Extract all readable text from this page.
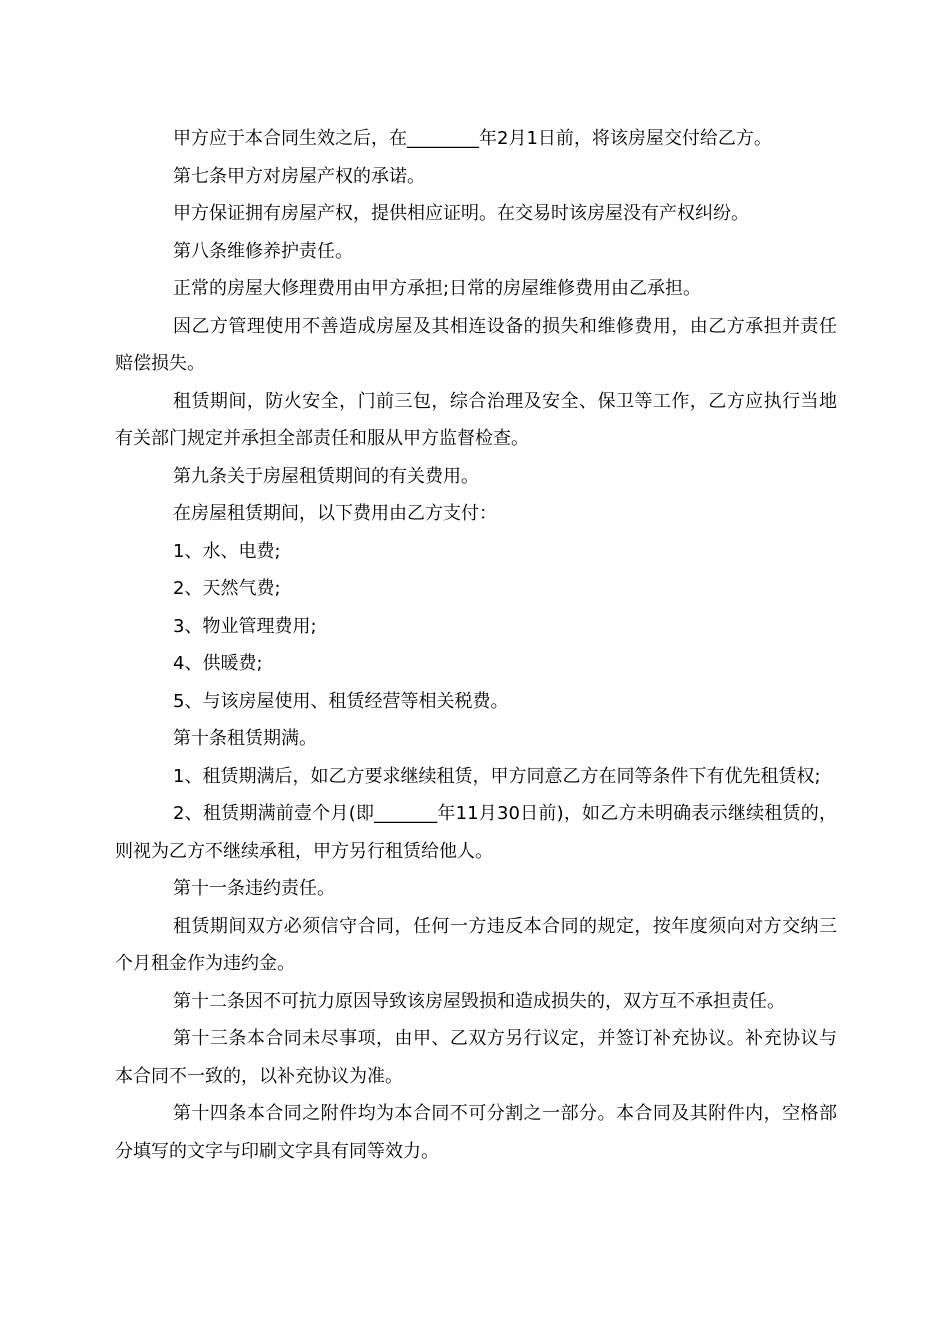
甲方应于本合同生效之后，在________年2月1日前，将该房屋交付给乙方。

第七条甲方对房屋产权的承诺。

甲方保证拥有房屋产权，提供相应证明。在交易时该房屋没有产权纠纷。

第八条维修养护责任。

正常的房屋大修理费用由甲方承担;日常的房屋维修费用由乙承担。

因乙方管理使用不善造成房屋及其相连设备的损失和维修费用，由乙方承担并责任赔偿损失。

租赁期间，防火安全，门前三包，综合治理及安全、保卫等工作，乙方应执行当地有关部门规定并承担全部责任和服从甲方监督检查。

第九条关于房屋租赁期间的有关费用。

在房屋租赁期间，以下费用由乙方支付：

1、水、电费;

2、天然气费;

3、物业管理费用;

4、供暖费;

5、与该房屋使用、租赁经营等相关税费。

第十条租赁期满。

1、租赁期满后，如乙方要求继续租赁，甲方同意乙方在同等条件下有优先租赁权;

2、租赁期满前壹个月(即_______年11月30日前)，如乙方未明确表示继续租赁的，则视为乙方不继续承租，甲方另行租赁给他人。

第十一条违约责任。

租赁期间双方必须信守合同，任何一方违反本合同的规定，按年度须向对方交纳三个月租金作为违约金。

第十二条因不可抗力原因导致该房屋毁损和造成损失的，双方互不承担责任。

第十三条本合同未尽事项，由甲、乙双方另行议定，并签订补充协议。补充协议与本合同不一致的，以补充协议为准。

第十四条本合同之附件均为本合同不可分割之一部分。本合同及其附件内，空格部分填写的文字与印刷文字具有同等效力。
